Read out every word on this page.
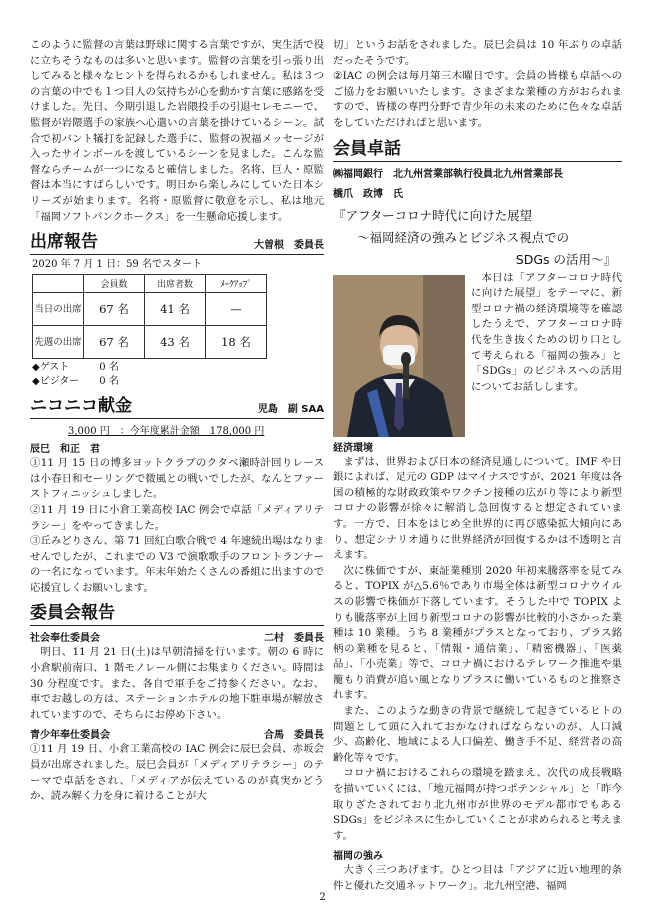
このように監督の言葉は野球に関する言葉ですが、実生活で役に立ちそうなものは多いと思います。監督の言葉を引っ張り出してみると様々なヒントを得られるかもしれません。私は３つの言葉の中でも１つ目人の気持ちが心を動かす言葉に感銘を受けました。先日、今期引退した岩隈投手の引退セレモニーで、監督が岩隈選手の家族へ心遣いの言葉を掛けているシーン。試合で初バント犠打を記録した選手に、監督の祝福メッセージが入ったサインボールを渡しているシーンを見ました。こんな監督ならチームが一つになると確信しました。名将、巨人・原監督は本当にすばらしいです。明日から楽しみにしていた日本シリーズが始まります。名将・原監督に敬意を示し、私は地元「福岡ソフトバンクホークス」を一生懸命応援します。

出席報告	大曽根　委員長
2020 年 7 月 1 日：59 名でスタート
	会員数	出席者数	ﾒｰｸｱｯﾌﾟ
当日の出席	67 名	41 名	—
先週の出席	67 名	43 名	18 名
◆ゲスト　　　0 名
◆ビジター　　0 名
ニコニコ献金	児島　副 SAA
3,000 円　：今年度累計金額　178,000 円
辰巳　和正　君

①11 月 15 日の博多ヨットクラブのクタベ瀬時計回りレースは小春日和セーリングで微風との戦いでしたが、なんとファーストフィニッシュしました。

②11 月 19 日に小倉工業高校 IAC 例会で卓話「メディアリテラシー」をやってきました。

③丘みどりさん、第 71 回紅白歌合戦で 4 年連続出場はなりませんでしたが、これまでの V3 で演歌歌手のフロントランナーの一名になっています。年末年始たくさんの番組に出ますので応援宜しくお願いします。

委員会報告
社会奉仕委員会	二村　委員長

明日、11 月 21 日(土)は早朝清掃を行います。朝の 6 時に小倉駅前南口、1 階モノレール側にお集まりください。時間は 30 分程度です。また、各自で軍手をご持参ください。なお、車でお越しの方は、ステーションホテルの地下駐車場が解放されていますので、そちらにお停め下さい。

青少年奉仕委員会	合馬　委員長

①11 月 19 日、小倉工業高校の IAC 例会に辰巳会員、赤坂会員が出席されました。辰巳会員が「メディアリテラシー」のテーマで卓話をされ、「メディアが伝えているのが真実かどうか、読み解く力を身に着けることが大

切」というお話をされました。辰巳会員は 10 年ぶりの卓話だったそうです。

②IAC の例会は毎月第三木曜日です。会員の皆様も卓話へのご協力をお願いいたします。さまざまな業種の方がおられますので、皆様の専門分野で青少年の未来のために色々な卓話をしていただければと思います。

会員卓話
㈱福岡銀行　北九州営業部執行役員北九州営業部長
橋爪　政博　氏
『アフターコロナ時代に向けた展望
～福岡経済の強みとビジネス視点での
SDGs の活用～』

本日は「アフターコロナ時代に向けた展望」をテーマに、新型コロナ禍の経済環境等を確認したうえで、アフターコロナ時代を生き抜くための切り口として考えられる「福岡の強み」と「SDGs」のビジネスへの活用についてお話しします。

経済環境

まずは、世界および日本の経済見通しについて。IMF や日銀によれば、足元の GDP はマイナスですが、2021 年度は各国の積極的な財政政策やワクチン接種の広がり等により新型コロナの影響が徐々に解消し急回復すると想定されています。一方で、日本をはじめ全世界的に再び感染拡大傾向にあり、想定シナリオ通りに世界経済が回復するかは不透明と言えます。

次に株価ですが、東証業種別 2020 年初来騰落率を見てみると、TOPIX が△5.6％であり市場全体は新型コロナウイルスの影響で株価が下落しています。そうした中で TOPIX よりも騰落率が上回り新型コロナの影響が比較的小さかった業種は 10 業種。うち 8 業種がプラスとなっており、プラス銘柄の業種を見ると、「情報・通信業」、「精密機器」、「医薬品」、「小売業」等で、コロナ禍におけるテレワーク推進や巣籠もり消費が追い風となりプラスに働いているものと推察されます。

また、このような動きの背景で継続して起きているヒトの問題として頭に入れておかなければならないのが、人口減少、高齢化、地域による人口偏差、働き手不足、経営者の高齢化等々です。

コロナ禍におけるこれらの環境を踏まえ、次代の成長戦略を描いていくには、「地元福岡が持つポテンシャル」と「昨今取りざたされており北九州市が世界のモデル都市でもある SDGs」をビジネスに生かしていくことが求められると考えます。

福岡の強み

大きく三つあげます。ひとつ目は「アジアに近い地理的条件と優れた交通ネットワーク」。北九州空港、福岡

2
